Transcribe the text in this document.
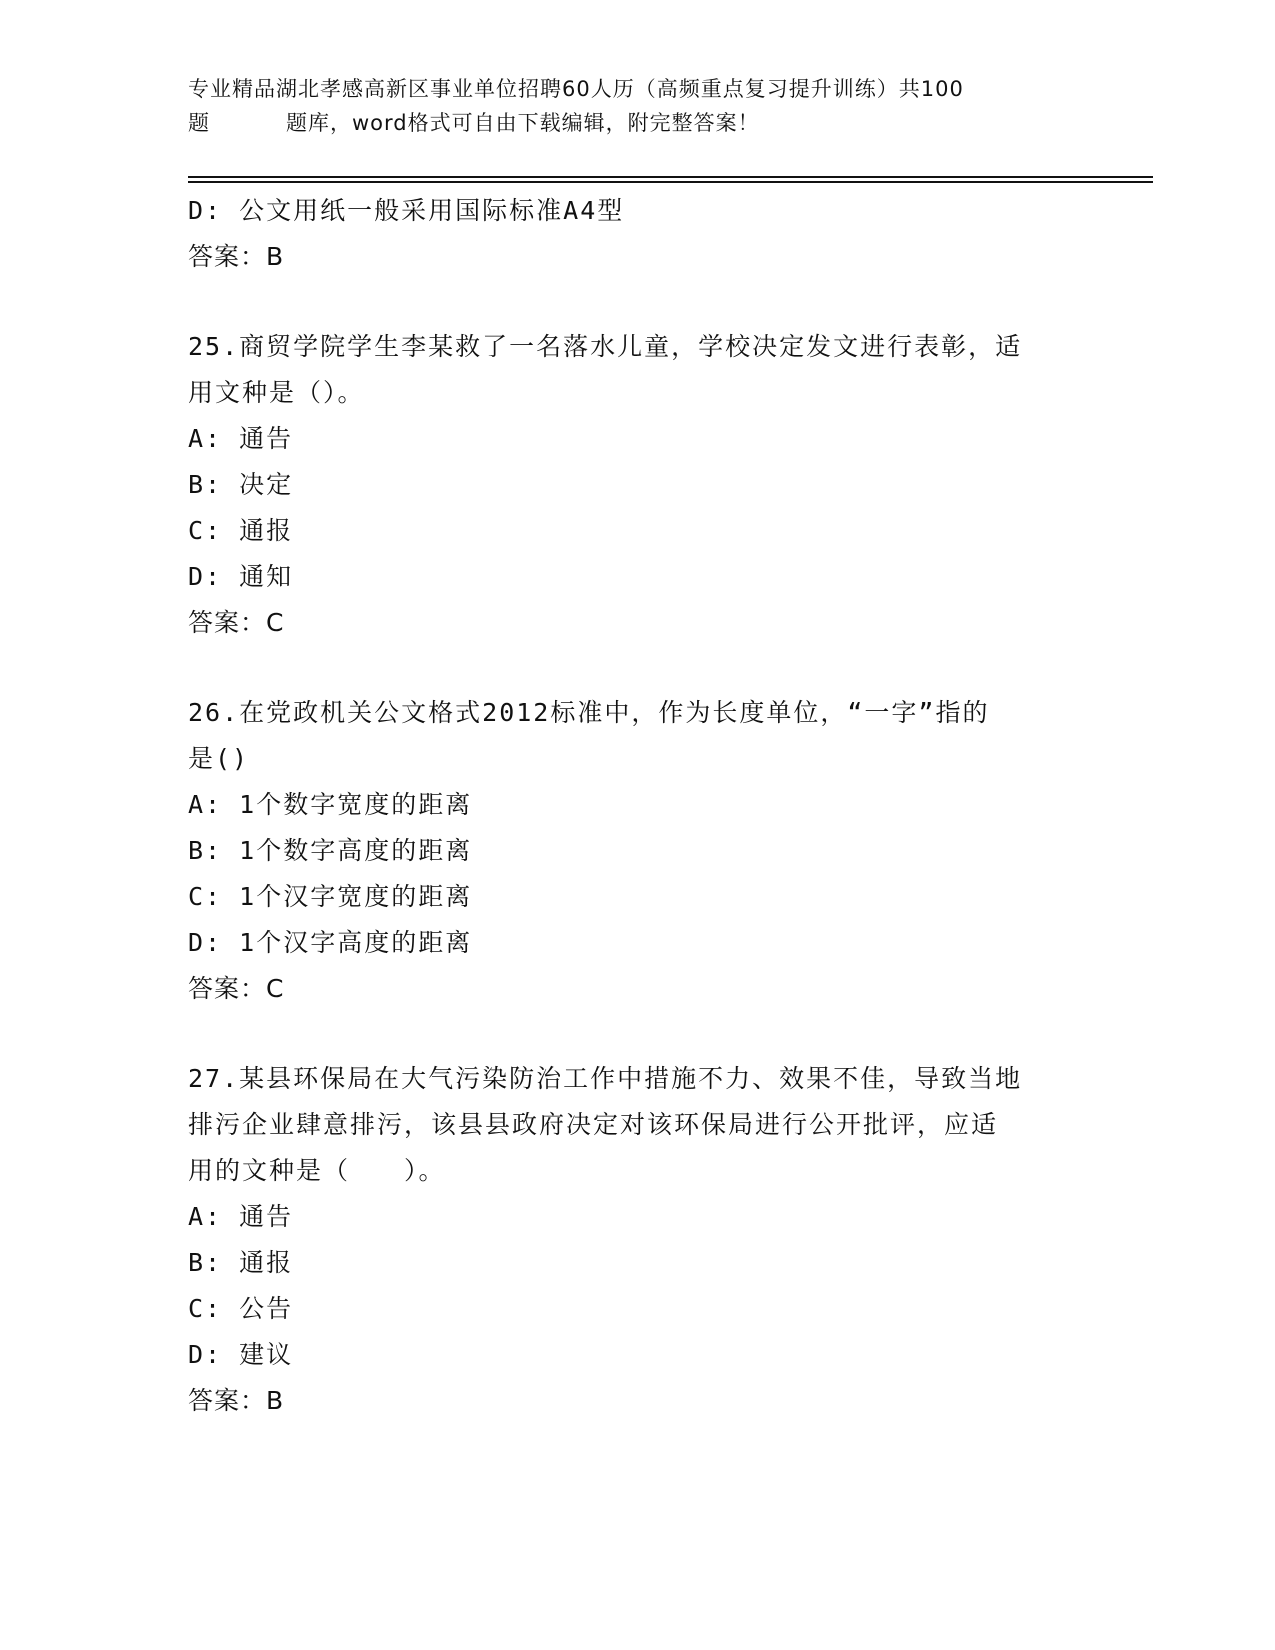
专业精品湖北孝感高新区事业单位招聘60人历（高频重点复习提升训练）共100
题	题库，word格式可自由下载编辑，附完整答案！
D: 公文用纸一般采用国际标准A4型
答案：B
25.商贸学院学生李某救了一名落水儿童，学校决定发文进行表彰，适
用文种是（）。
A: 通告
B: 决定
C: 通报
D: 通知
答案：C
26.在党政机关公文格式2012标准中，作为长度单位，“一字”指的
是()
A: 1个数字宽度的距离
B: 1个数字高度的距离
C: 1个汉字宽度的距离
D: 1个汉字高度的距离
答案：C
27.某县环保局在大气污染防治工作中措施不力、效果不佳，导致当地
排污企业肆意排污，该县县政府决定对该环保局进行公开批评，应适
用的文种是（　　）。
A: 通告
B: 通报
C: 公告
D: 建议
答案：B
